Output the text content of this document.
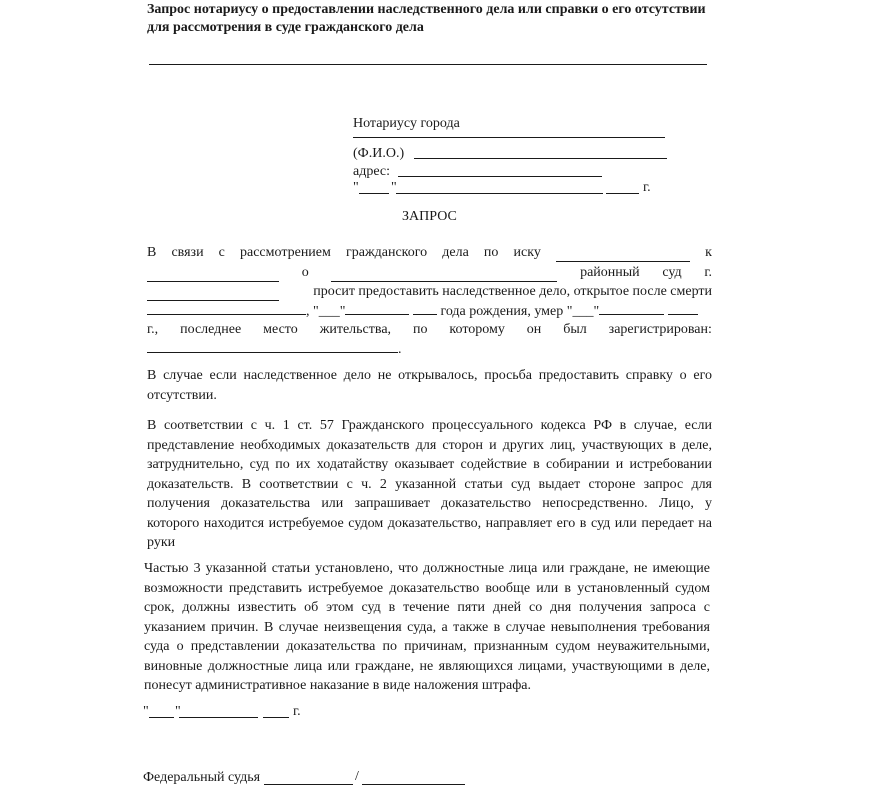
Запрос нотариусу о предоставлении наследственного дела или справки о его отсутствии
для рассмотрения в суде гражданского дела
Нотариусу города
(Ф.И.О.)
адрес:
" "	г.
ЗАПРОС
В связи с рассмотрением гражданского дела по иску	к
о	районный суд г.
просит предоставить наследственное дело, открытое после смерти
, "___"	года рождения, умер "___"
г., последнее место жительства, по которому он был зарегистрирован:
.
В случае если наследственное дело не открывалось, просьба предоставить справку о его
отсутствии.
В соответствии с ч. 1 ст. 57 Гражданского процессуального кодекса РФ в случае, если
представление необходимых доказательств для сторон и других лиц, участвующих в деле,
затруднительно, суд по их ходатайству оказывает содействие в собирании и истребовании
доказательств. В соответствии с ч. 2 указанной статьи суд выдает стороне запрос для
получения доказательства или запрашивает доказательство непосредственно. Лицо, у
которого находится истребуемое судом доказательство, направляет его в суд или передает на
руки
Частью 3 указанной статьи установлено, что должностные лица или граждане, не имеющие
возможности представить истребуемое доказательство вообще или в установленный судом
срок, должны известить об этом суд в течение пяти дней со дня получения запроса с
указанием причин. В случае неизвещения суда, а также в случае невыполнения требования
суда о представлении доказательства по причинам, признанным судом неуважительными,
виновные должностные лица или граждане, не являющихся лицами, участвующими в деле,
понесут административное наказание в виде наложения штрафа.
" "	г.
Федеральный судья	/
